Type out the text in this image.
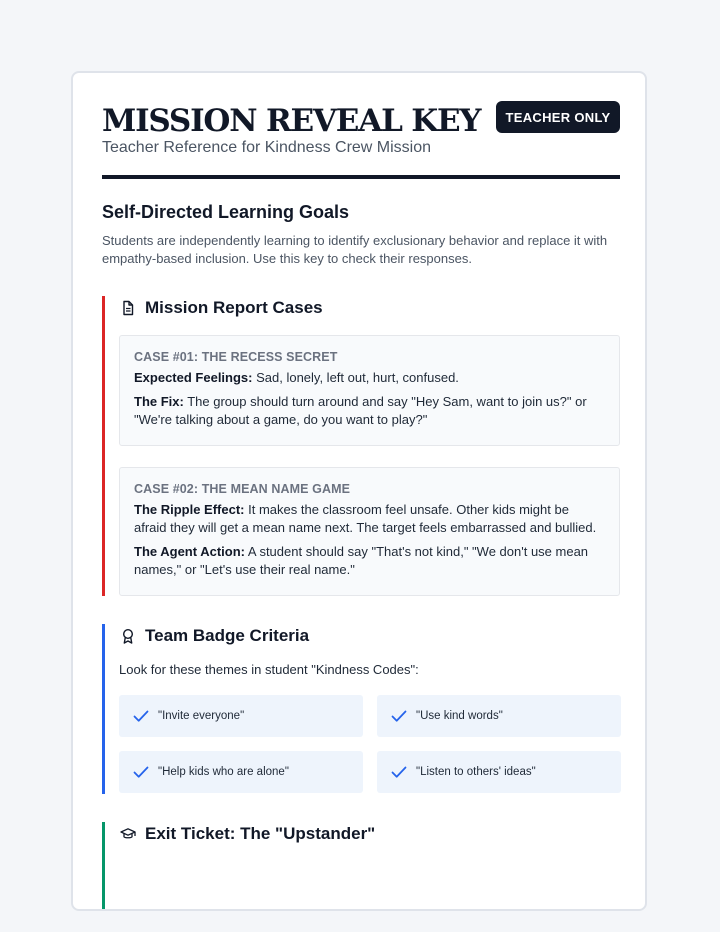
MISSION REVEAL KEY
Teacher Reference for Kindness Crew Mission
TEACHER ONLY
Self-Directed Learning Goals

Students are independently learning to identify exclusionary behavior and replace it with empathy-based inclusion. Use this key to check their responses.

Mission Report Cases
CASE #01: THE RECESS SECRET

Expected Feelings: Sad, lonely, left out, hurt, confused.

The Fix: The group should turn around and say "Hey Sam, want to join us?" or "We're talking about a game, do you want to play?"

CASE #02: THE MEAN NAME GAME

The Ripple Effect: It makes the classroom feel unsafe. Other kids might be afraid they will get a mean name next. The target feels embarrassed and bullied.

The Agent Action: A student should say "That's not kind," "We don't use mean names," or "Let's use their real name."

Team Badge Criteria

Look for these themes in student "Kindness Codes":

"Invite everyone"	"Use kind words"
"Help kids who are alone"	"Listen to others' ideas"
Exit Ticket: The "Upstander"
